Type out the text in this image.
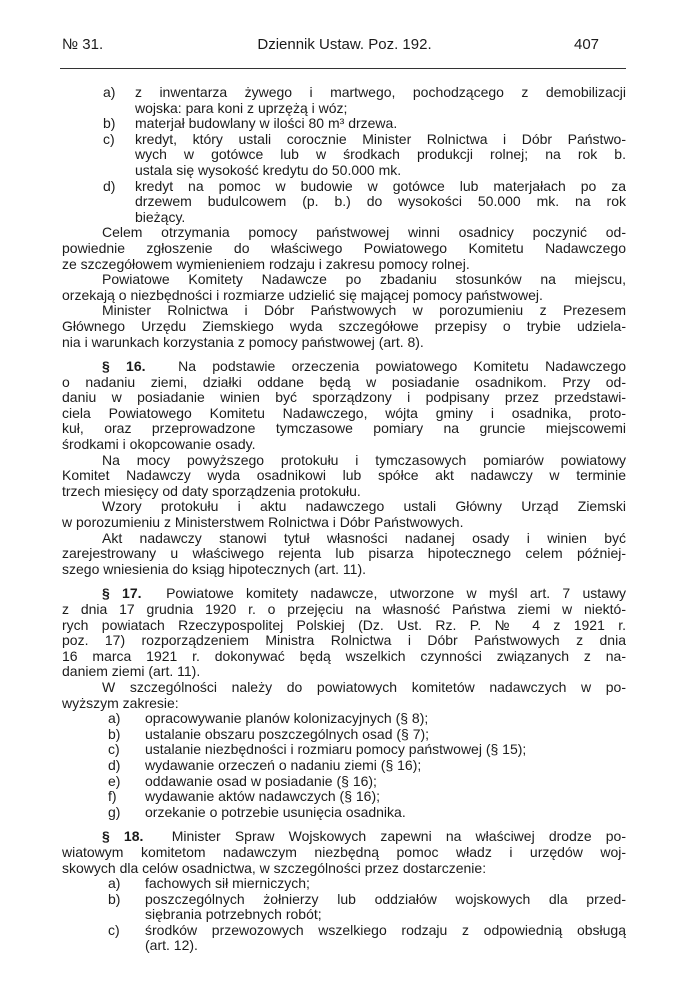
№ 31.	Dziennik Ustaw. Poz. 192.	407
a) z inwentarza żywego i martwego, pochodzącego z demobilizacji
wojska: para koni z uprzężą i wóz;
b) materjał budowlany w ilości 80 m³ drzewa.
c) kredyt, który ustali corocznie Minister Rolnictwa i Dóbr Państwo-
wych w gotówce lub w środkach produkcji rolnej; na rok b.
ustala się wysokość kredytu do 50.000 mk.
d) kredyt na pomoc w budowie w gotówce lub materjałach po za
drzewem budulcowem (p. b.) do wysokości 50.000 mk. na rok
bieżący.
Celem otrzymania pomocy państwowej winni osadnicy poczynić od-
powiednie zgłoszenie do właściwego Powiatowego Komitetu Nadawczego
ze szczegółowem wymienieniem rodzaju i zakresu pomocy rolnej.
Powiatowe Komitety Nadawcze po zbadaniu stosunków na miejscu,
orzekają o niezbędności i rozmiarze udzielić się mającej pomocy państwowej.
Minister Rolnictwa i Dóbr Państwowych w porozumieniu z Prezesem
Głównego Urzędu Ziemskiego wyda szczegółowe przepisy o trybie udziela-
nia i warunkach korzystania z pomocy państwowej (art. 8).
§ 16. Na podstawie orzeczenia powiatowego Komitetu Nadawczego
o nadaniu ziemi, działki oddane będą w posiadanie osadnikom. Przy od-
daniu w posiadanie winien być sporządzony i podpisany przez przedstawi-
ciela Powiatowego Komitetu Nadawczego, wójta gminy i osadnika, proto-
kuł, oraz przeprowadzone tymczasowe pomiary na gruncie miejscowemi
środkami i okopcowanie osady.
Na mocy powyższego protokułu i tymczasowych pomiarów powiatowy
Komitet Nadawczy wyda osadnikowi lub spółce akt nadawczy w terminie
trzech miesięcy od daty sporządzenia protokułu.
Wzory protokułu i aktu nadawczego ustali Główny Urząd Ziemski
w porozumieniu z Ministerstwem Rolnictwa i Dóbr Państwowych.
Akt nadawczy stanowi tytuł własności nadanej osady i winien być
zarejestrowany u właściwego rejenta lub pisarza hipotecznego celem później-
szego wniesienia do ksiąg hipotecznych (art. 11).
§ 17. Powiatowe komitety nadawcze, utworzone w myśl art. 7 ustawy
z dnia 17 grudnia 1920 r. o przejęciu na własność Państwa ziemi w niektó-
rych powiatach Rzeczypospolitej Polskiej (Dz. Ust. Rz. P. № 4 z 1921 r.
poz. 17) rozporządzeniem Ministra Rolnictwa i Dóbr Państwowych z dnia
16 marca 1921 r. dokonywać będą wszelkich czynności związanych z na-
daniem ziemi (art. 11).
W szczególności należy do powiatowych komitetów nadawczych w po-
wyższym zakresie:
a) opracowywanie planów kolonizacyjnych (§ 8);
b) ustalanie obszaru poszczególnych osad (§ 7);
c) ustalanie niezbędności i rozmiaru pomocy państwowej (§ 15);
d) wydawanie orzeczeń o nadaniu ziemi (§ 16);
e) oddawanie osad w posiadanie (§ 16);
f) wydawanie aktów nadawczych (§ 16);
g) orzekanie o potrzebie usunięcia osadnika.
§ 18. Minister Spraw Wojskowych zapewni na właściwej drodze po-
wiatowym komitetom nadawczym niezbędną pomoc władz i urzędów woj-
skowych dla celów osadnictwa, w szczególności przez dostarczenie:
a) fachowych sił mierniczych;
b) poszczególnych żołnierzy lub oddziałów wojskowych dla przed-
siębrania potrzebnych robót;
c) środków przewozowych wszelkiego rodzaju z odpowiednią obsługą
(art. 12).
